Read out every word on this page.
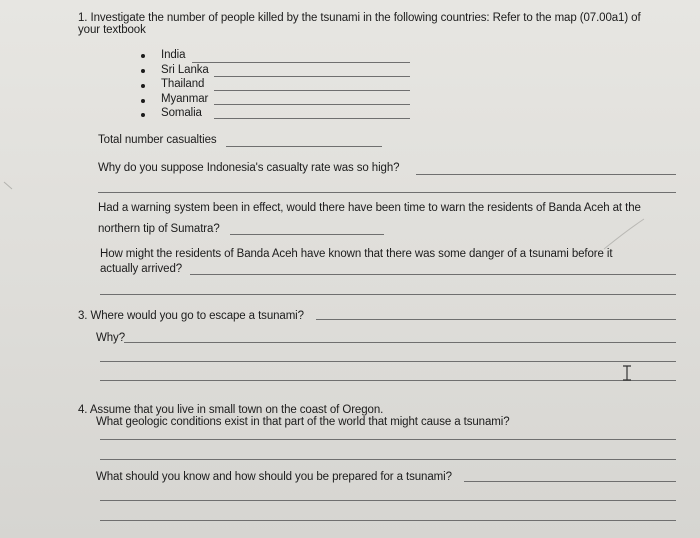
1. Investigate the number of people killed by the tsunami in the following countries: Refer to the map (07.00a1) of
your textbook
India
Sri Lanka
Thailand
Myanmar
Somalia
Total number casualties
Why do you suppose Indonesia's casualty rate was so high?
Had a warning system been in effect, would there have been time to warn the residents of Banda Aceh at the
northern tip of Sumatra?
How might the residents of Banda Aceh have known that there was some danger of a tsunami before it
actually arrived?
3. Where would you go to escape a tsunami?
Why?
4. Assume that you live in small town on the coast of Oregon.
What geologic conditions exist in that part of the world that might cause a tsunami?
What should you know and how should you be prepared for a tsunami?
